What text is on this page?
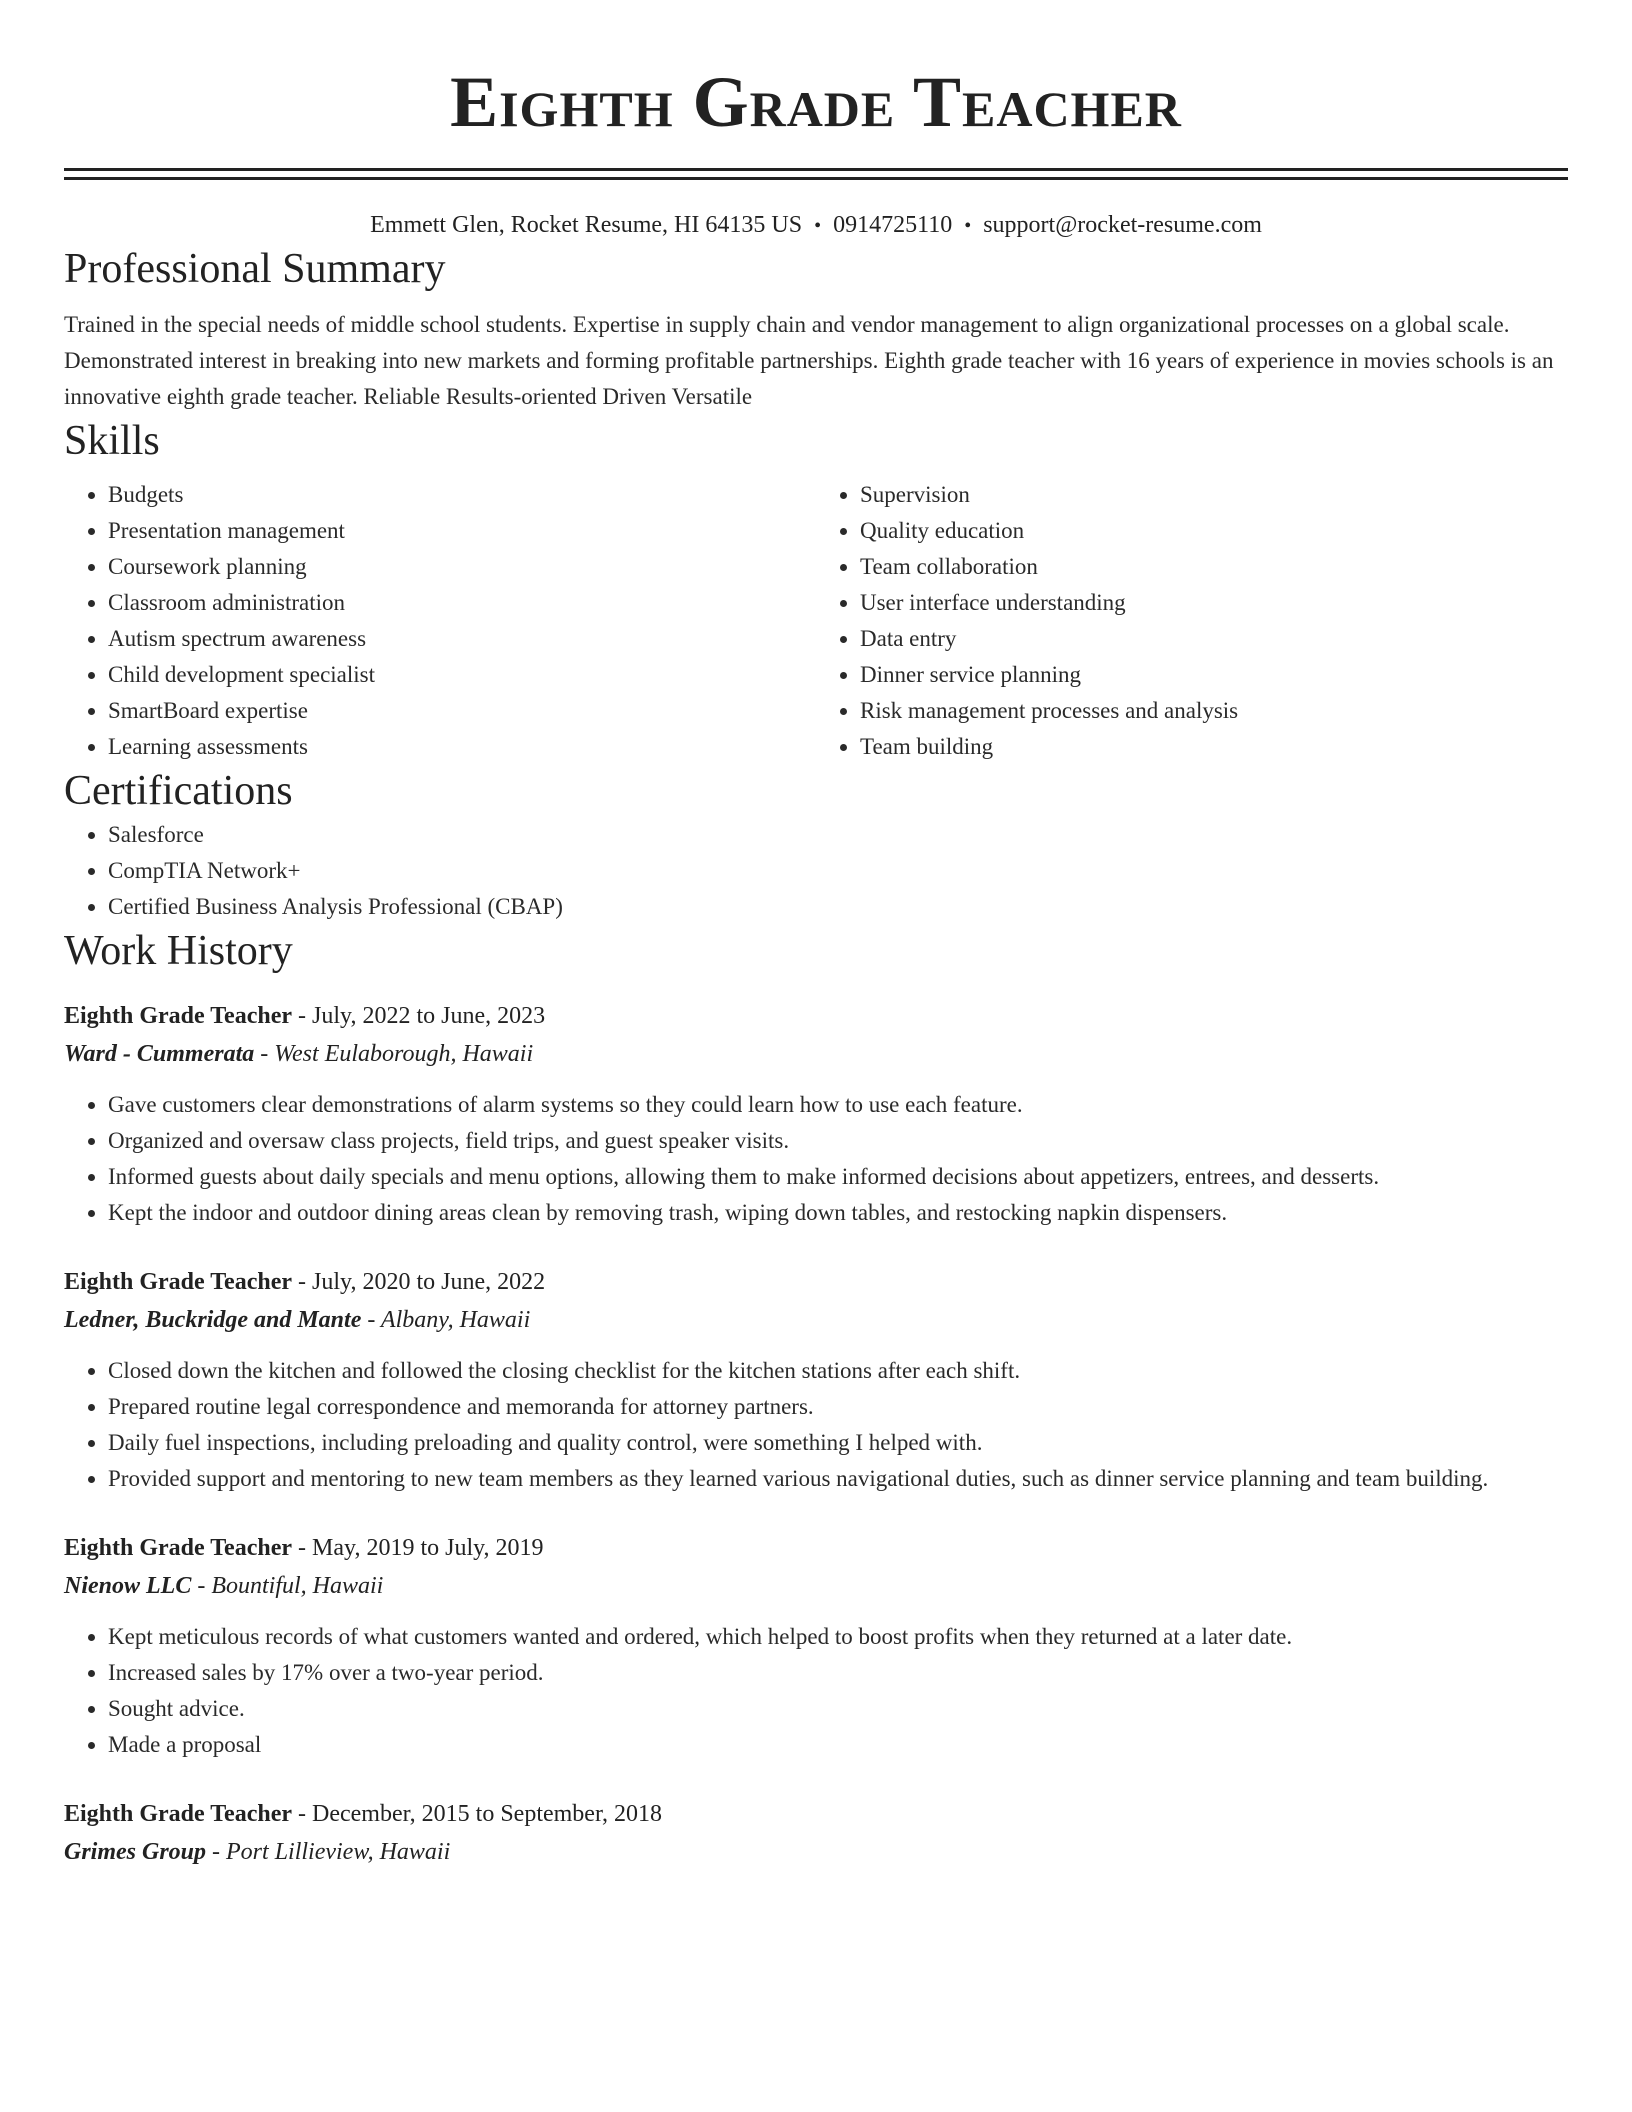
Eighth Grade Teacher
Emmett Glen, Rocket Resume, HI 64135 US • 0914725110 • support@rocket-resume.com
Professional Summary

Trained in the special needs of middle school students. Expertise in supply chain and vendor management to align organizational processes on a global scale. Demonstrated interest in breaking into new markets and forming profitable partnerships. Eighth grade teacher with 16 years of experience in movies schools is an innovative eighth grade teacher. Reliable Results-oriented Driven Versatile

Skills
• Budgets
• Presentation management
• Coursework planning
• Classroom administration
• Autism spectrum awareness
• Child development specialist
• SmartBoard expertise
• Learning assessments
• Supervision
• Quality education
• Team collaboration
• User interface understanding
• Data entry
• Dinner service planning
• Risk management processes and analysis
• Team building
Certifications
• Salesforce
• CompTIA Network+
• Certified Business Analysis Professional (CBAP)
Work History
Eighth Grade Teacher - July, 2022 to June, 2023
Ward - Cummerata - West Eulaborough, Hawaii
• Gave customers clear demonstrations of alarm systems so they could learn how to use each feature.
• Organized and oversaw class projects, field trips, and guest speaker visits.
• Informed guests about daily specials and menu options, allowing them to make informed decisions about appetizers, entrees, and desserts.
• Kept the indoor and outdoor dining areas clean by removing trash, wiping down tables, and restocking napkin dispensers.
Eighth Grade Teacher - July, 2020 to June, 2022
Ledner, Buckridge and Mante - Albany, Hawaii
• Closed down the kitchen and followed the closing checklist for the kitchen stations after each shift.
• Prepared routine legal correspondence and memoranda for attorney partners.
• Daily fuel inspections, including preloading and quality control, were something I helped with.
• Provided support and mentoring to new team members as they learned various navigational duties, such as dinner service planning and team building.
Eighth Grade Teacher - May, 2019 to July, 2019
Nienow LLC - Bountiful, Hawaii
• Kept meticulous records of what customers wanted and ordered, which helped to boost profits when they returned at a later date.
• Increased sales by 17% over a two-year period.
• Sought advice.
• Made a proposal
Eighth Grade Teacher - December, 2015 to September, 2018
Grimes Group - Port Lillieview, Hawaii
